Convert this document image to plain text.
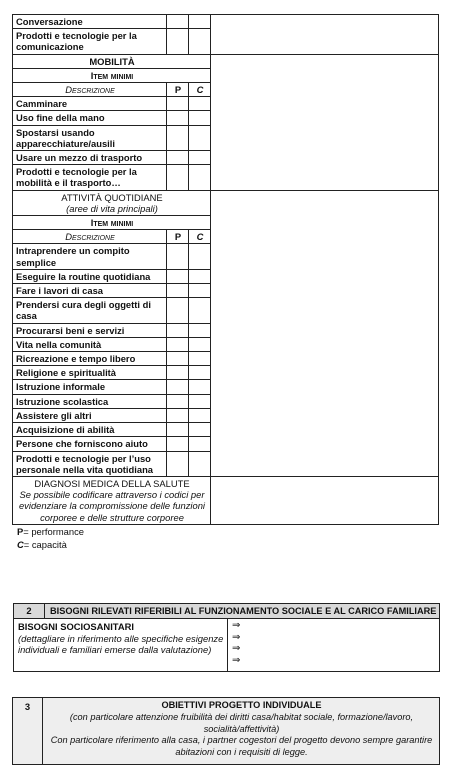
Conversazione			
Prodotti e tecnologie per la comunicazione			
MOBILITÀ			
Item minimi			
Descrizione	P	C	
Camminare			
Uso fine della mano			
Spostarsi usando apparecchiature/ausili			
Usare un mezzo di trasporto			
Prodotti e tecnologie per la mobilità e il trasporto…			

ATTIVITÀ QUOTIDIANE
(aree di vita principali)			

Item minimi			
Descrizione	P	C	
Intraprendere un compito semplice			
Eseguire la routine quotidiana			
Fare i lavori di casa			
Prendersi cura degli oggetti di casa			
Procurarsi beni e servizi			
Vita nella comunità			
Ricreazione e tempo libero			
Religione e spiritualità			
Istruzione informale			
Istruzione scolastica			
Assistere gli altri			
Acquisizione di abilità			
Persone che forniscono aiuto			
Prodotti e tecnologie per l’uso personale nella vita quotidiana			

DIAGNOSI MEDICA DELLA SALUTE
Se possibile codificare attraverso i codici per evidenziare la compromissione delle funzioni corporee e delle strutture corporee			

P= performance
C= capacità
2	BISOGNI RILEVATI RIFERIBILI AL FUNZIONAMENTO SOCIALE E AL CARICO FAMILIARE
BISOGNI SOCIOSANITARI
(dettagliare in riferimento alle specifiche esigenze individuali e familiari emerse dalla valutazione)
⇒
⇒
⇒
⇒
3	OBIETTIVI PROGETTO INDIVIDUALE
(con particolare attenzione fruibilità dei diritti casa/habitat sociale, formazione/lavoro, socialità/affettività)
Con particolare riferimento alla casa, i partner cogestori del progetto devono sempre garantire abitazioni con i requisiti di legge.
